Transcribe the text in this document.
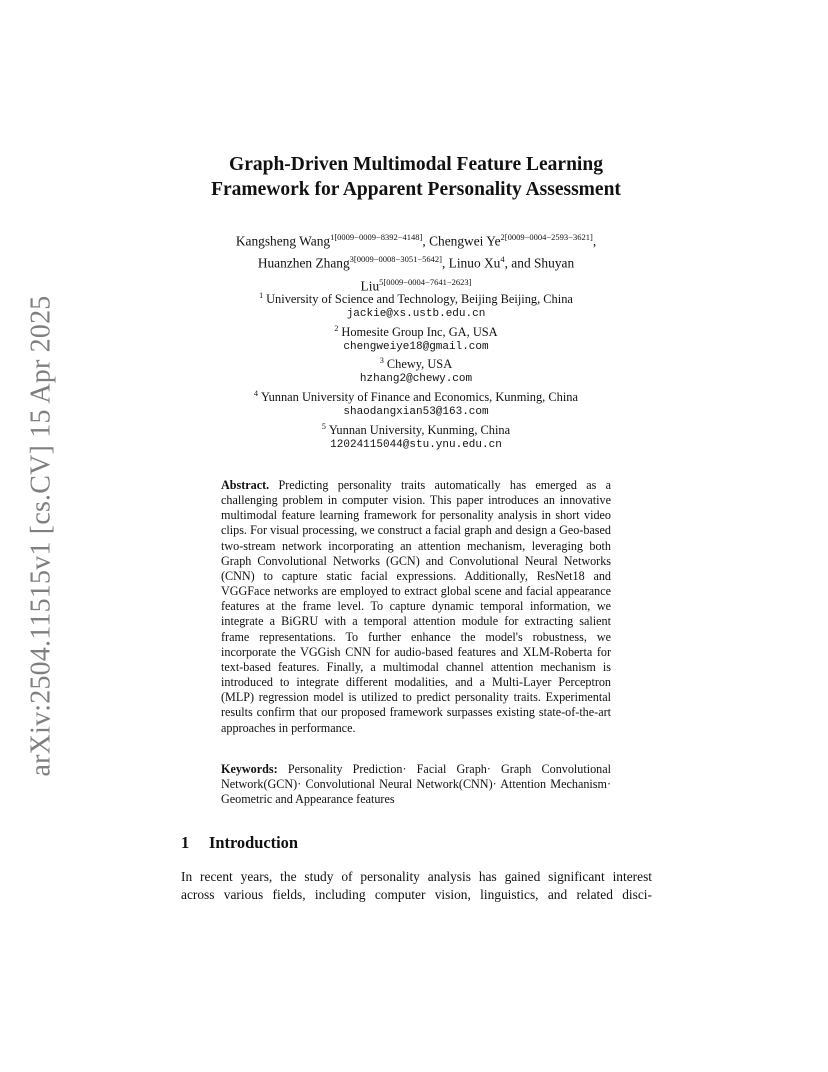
arXiv:2504.11515v1 [cs.CV] 15 Apr 2025
Graph-Driven Multimodal Feature Learning
Framework for Apparent Personality Assessment
Kangsheng Wang$^{1[0009-0009-8392-4148]}$, Chengwei $Ye^{2[0009-0004-2593-3621]}$,
Huanzhen Zhang$^{3[0009-0008-3051-5642]}$, Linuo Xu$^4$, and Shuyan
Liu$^{5[0009-0004-7641-2623]}$
$^1$ University of Science and Technology, Beijing Beijing, China
jackie@xs.ustb.edu.cn
$^2$ Homesite Group Inc, GA, USA
chengweiye18@gmail.com
$^3$ Chewy, USA
hzhang2@chewy.com
$^4$ Yunnan University of Finance and Economics, Kunming, China
shaodangxian53@163.com
$^5$ Yunnan University, Kunming, China
12024115044@stu.ynu.edu.cn
Abstract. Predicting personality traits automatically has emerged as a challenging problem in computer vision. This paper introduces an innovative multimodal feature learning framework for personality analysis in short video clips. For visual processing, we construct a facial graph and design a Geo-based two-stream network incorporating an attention mechanism, leveraging both Graph Convolutional Networks (GCN) and Convolutional Neural Networks (CNN) to capture static facial expressions. Additionally, ResNet18 and VGGFace networks are employed to extract global scene and facial appearance features at the frame level. To capture dynamic temporal information, we integrate a BiGRU with a temporal attention module for extracting salient frame representations. To further enhance the model's robustness, we incorporate the VGGish CNN for audio-based features and XLM-Roberta for text-based features. Finally, a multimodal channel attention mechanism is introduced to integrate different modalities, and a Multi-Layer Perceptron (MLP) regression model is utilized to predict personality traits. Experimental results confirm that our proposed framework surpasses existing state-of-the-art approaches in performance.
Keywords: Personality Prediction· Facial Graph· Graph Convolutional Network(GCN)· Convolutional Neural Network(CNN)· Attention Mechanism· Geometric and Appearance features
1 Introduction
In recent years, the study of personality analysis has gained significant interest
across various fields, including computer vision, linguistics, and related disci-
